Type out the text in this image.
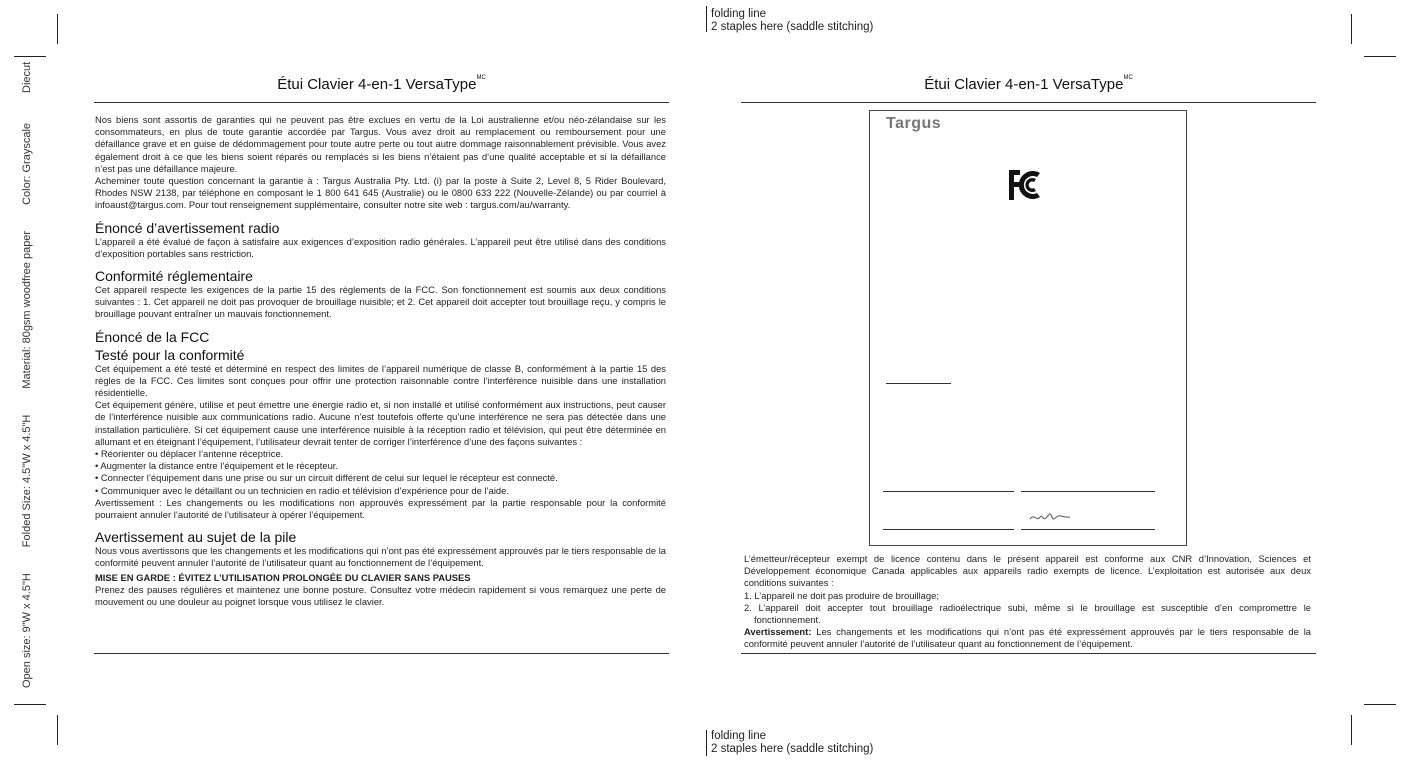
Open size: 9"W x 4.5"H
Folded Size: 4.5"W x 4.5"H
Material: 80gsm woodfree paper
Color: Grayscale
Diecut
folding line
2 staples here (saddle stitching)
folding line
2 staples here (saddle stitching)
Étui Clavier 4-en-1 VersaType$^{MC}$

Nos biens sont assortis de garanties qui ne peuvent pas être exclues en vertu de la Loi australienne et/ou néo-zélandaise sur les consommateurs, en plus de toute garantie accordée par Targus. Vous avez droit au remplacement ou remboursement pour une défaillance grave et en guise de dédommagement pour toute autre perte ou tout autre dommage raisonnablement prévisible. Vous avez également droit à ce que les biens soient réparés ou remplacés si les biens n’étaient pas d’une qualité acceptable et si la défaillance n’est pas une défaillance majeure.

Acheminer toute question concernant la garantie à : Targus Australia Pty. Ltd. (i) par la poste à Suite 2, Level 8, 5 Rider Boulevard, Rhodes NSW 2138, par téléphone en composant le 1 800 641 645 (Australie) ou le 0800 633 222 (Nouvelle-Zélande) ou par courriel à infoaust@targus.com. Pour tout renseignement supplémentaire, consulter notre site web : targus.com/au/warranty.

Énoncé d’avertissement radio

L’appareil a été évalué de façon à satisfaire aux exigences d’exposition radio générales. L’appareil peut être utilisé dans des conditions d’exposition portables sans restriction.

Conformité réglementaire

Cet appareil respecte les exigences de la partie 15 des règlements de la FCC. Son fonctionnement est soumis aux deux conditions suivantes : 1. Cet appareil ne doit pas provoquer de brouillage nuisible; et 2. Cet appareil doit accepter tout brouillage reçu, y compris le brouillage pouvant entraîner un mauvais fonctionnement.

Énoncé de la FCC
Testé pour la conformité

Cet équipement a été testé et déterminé en respect des limites de l’appareil numérique de classe B, conformément à la partie 15 des règles de la FCC. Ces limites sont conçues pour offrir une protection raisonnable contre l’interférence nuisible dans une installation résidentielle.

Cet équipement génère, utilise et peut émettre une énergie radio et, si non installé et utilisé conformément aux instructions, peut causer de l’interférence nuisible aux communications radio. Aucune n’est toutefois offerte qu’une interférence ne sera pas détectée dans une installation particulière. Si cet équipement cause une interférence nuisible à la réception radio et télévision, qui peut être déterminée en allumant et en éteignant l’équipement, l’utilisateur devrait tenter de corriger l’interférence d’une des façons suivantes :

• Réorienter ou déplacer l’antenne réceptrice.

• Augmenter la distance entre l’équipement et le récepteur.

• Connecter l’équipement dans une prise ou sur un circuit différent de celui sur lequel le récepteur est connecté.

• Communiquer avec le détaillant ou un technicien en radio et télévision d’expérience pour de l’aide.

Avertissement : Les changements ou les modifications non approuvés expressément par la partie responsable pour la conformité pourraient annuler l’autorité de l’utilisateur à opérer l’équipement.

Avertissement au sujet de la pile

Nous vous avertissons que les changements et les modifications qui n’ont pas été expressément approuvés par le tiers responsable de la conformité peuvent annuler l’autorité de l’utilisateur quant au fonctionnement de l’équipement.

MISE EN GARDE : ÉVITEZ L’UTILISATION PROLONGÉE DU CLAVIER SANS PAUSES

Prenez des pauses régulières et maintenez une bonne posture. Consultez votre médecin rapidement si vous remarquez une perte de mouvement ou une douleur au poignet lorsque vous utilisez le clavier.

Étui Clavier 4-en-1 VersaType$^{MC}$
Targus

L’émetteur/récepteur exempt de licence contenu dans le présent appareil est conforme aux CNR d’Innovation, Sciences et Développement économique Canada applicables aux appareils radio exempts de licence. L’exploitation est autorisée aux deux conditions suivantes :

1. L’appareil ne doit pas produire de brouillage;

2. L’appareil doit accepter tout brouillage radioélectrique subi, même si le brouillage est susceptible d’en compromettre le fonctionnement.

Avertissement: Les changements et les modifications qui n’ont pas été expressément approuvés par le tiers responsable de la conformité peuvent annuler l’autorité de l’utilisateur quant au fonctionnement de l’équipement.
